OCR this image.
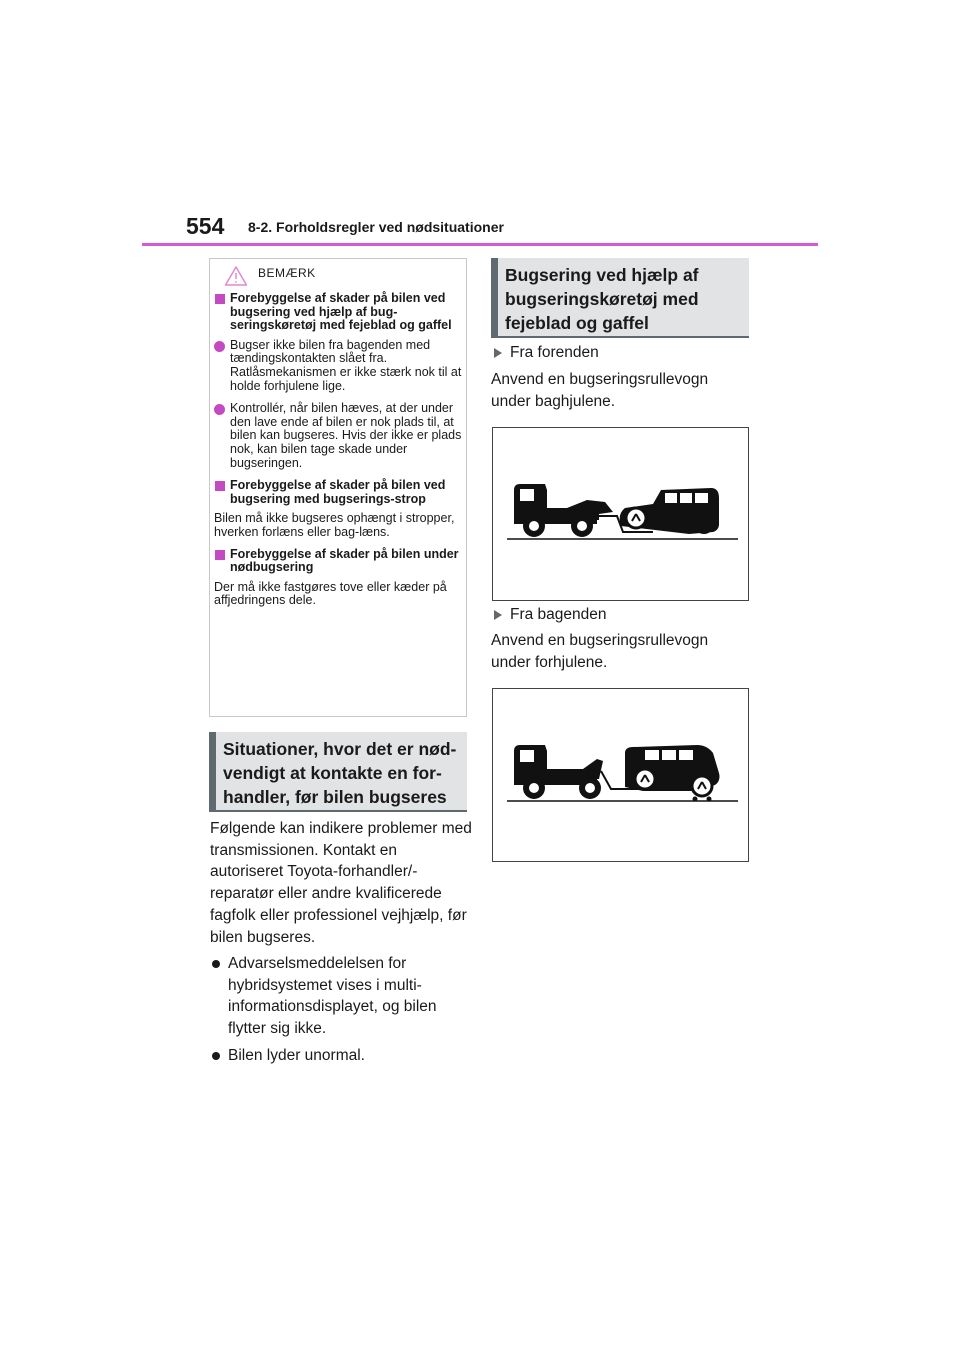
554 8-2. Forholdsregler ved nødsituationer
BEMÆRK
Forebyggelse af skader på bilen ved bugsering ved hjælp af bug-seringskøretøj med fejeblad og gaffel
Bugser ikke bilen fra bagenden med tændingskontakten slået fra. Ratlåsmekanismen er ikke stærk nok til at holde forhjulene lige.
Kontrollér, når bilen hæves, at der under den lave ende af bilen er nok plads til, at bilen kan bugseres. Hvis der ikke er plads nok, kan bilen tage skade under bugseringen.
Forebyggelse af skader på bilen ved bugsering med bugserings-strop
Bilen må ikke bugseres ophængt i stropper, hverken forlæns eller bag-læns.
Forebyggelse af skader på bilen under nødbugsering
Der må ikke fastgøres tove eller kæder på affjedringens dele.
Situationer, hvor det er nød-vendigt at kontakte en for-handler, før bilen bugseres
Følgende kan indikere problemer med transmissionen. Kontakt en autoriseret Toyota-forhandler/-reparatør eller andre kvalificerede fagfolk eller professionel vejhjælp, før bilen bugseres.
Advarselsmeddelelsen for hybridsystemet vises i multi-informationsdisplayet, og bilen flytter sig ikke.
Bilen lyder unormal.
Bugsering ved hjælp af bugseringskøretøj med fejeblad og gaffel
Fra forenden
Anvend en bugseringsrullevogn under baghjulene.
Fra bagenden
Anvend en bugseringsrullevogn under forhjulene.
